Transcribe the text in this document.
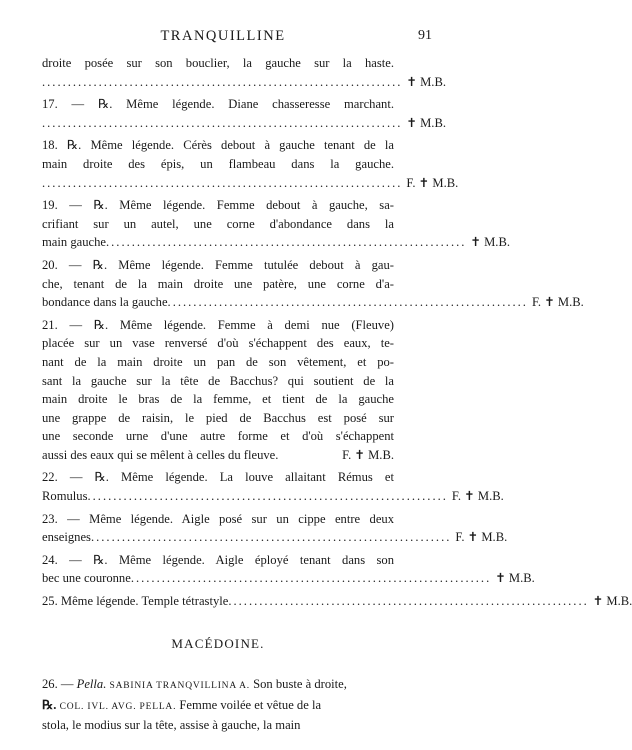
TRANQUILLINE	91
droite posée sur son bouclier, la gauche sur la haste.
...................................................................... ✝ M.B.
17. — ℞. Même légende. Diane chasseresse marchant.
...................................................................... ✝ M.B.
18. ℞. Même légende. Cérès debout à gauche tenant de la
main droite des épis, un flambeau dans la gauche.
...................................................................... F. ✝ M.B.
19. — ℞. Même légende. Femme debout à gauche, sa-
crifiant sur un autel, une corne d'abondance dans la
main gauche ...................................................................... ✝ M.B.
20. — ℞. Même légende. Femme tutulée debout à gau-
che, tenant de la main droite une patère, une corne d'a-
bondance dans la gauche ...................................................................... F. ✝ M.B.
21. — ℞. Même légende. Femme à demi nue (Fleuve)
placée sur un vase renversé d'où s'échappent des eaux, te-
nant de la main droite un pan de son vêtement, et po-
sant la gauche sur la tête de Bacchus? qui soutient de la
main droite le bras de la femme, et tient de la gauche
une grappe de raisin, le pied de Bacchus est posé sur
une seconde urne d'une autre forme et d'où s'échappent
aussi des eaux qui se mêlent à celles du fleuve.	F. ✝ M.B.
22. — ℞. Même légende. La louve allaitant Rémus et
Romulus ...................................................................... F. ✝ M.B.
23. — Même légende. Aigle posé sur un cippe entre deux
enseignes ...................................................................... F. ✝ M.B.
24. — ℞. Même légende. Aigle éployé tenant dans son
bec une couronne ...................................................................... ✝ M.B.
25. Même légende. Temple tétrastyle ...................................................................... ✝ M.B.
MACÉDOINE.
26. — Pella. SABINIA TRANQVILLINA A. Son buste à droite,
℞. COL. IVL. AVG. PELLA. Femme voilée et vêtue de la
stola, le modius sur la tête, assise à gauche, la main
